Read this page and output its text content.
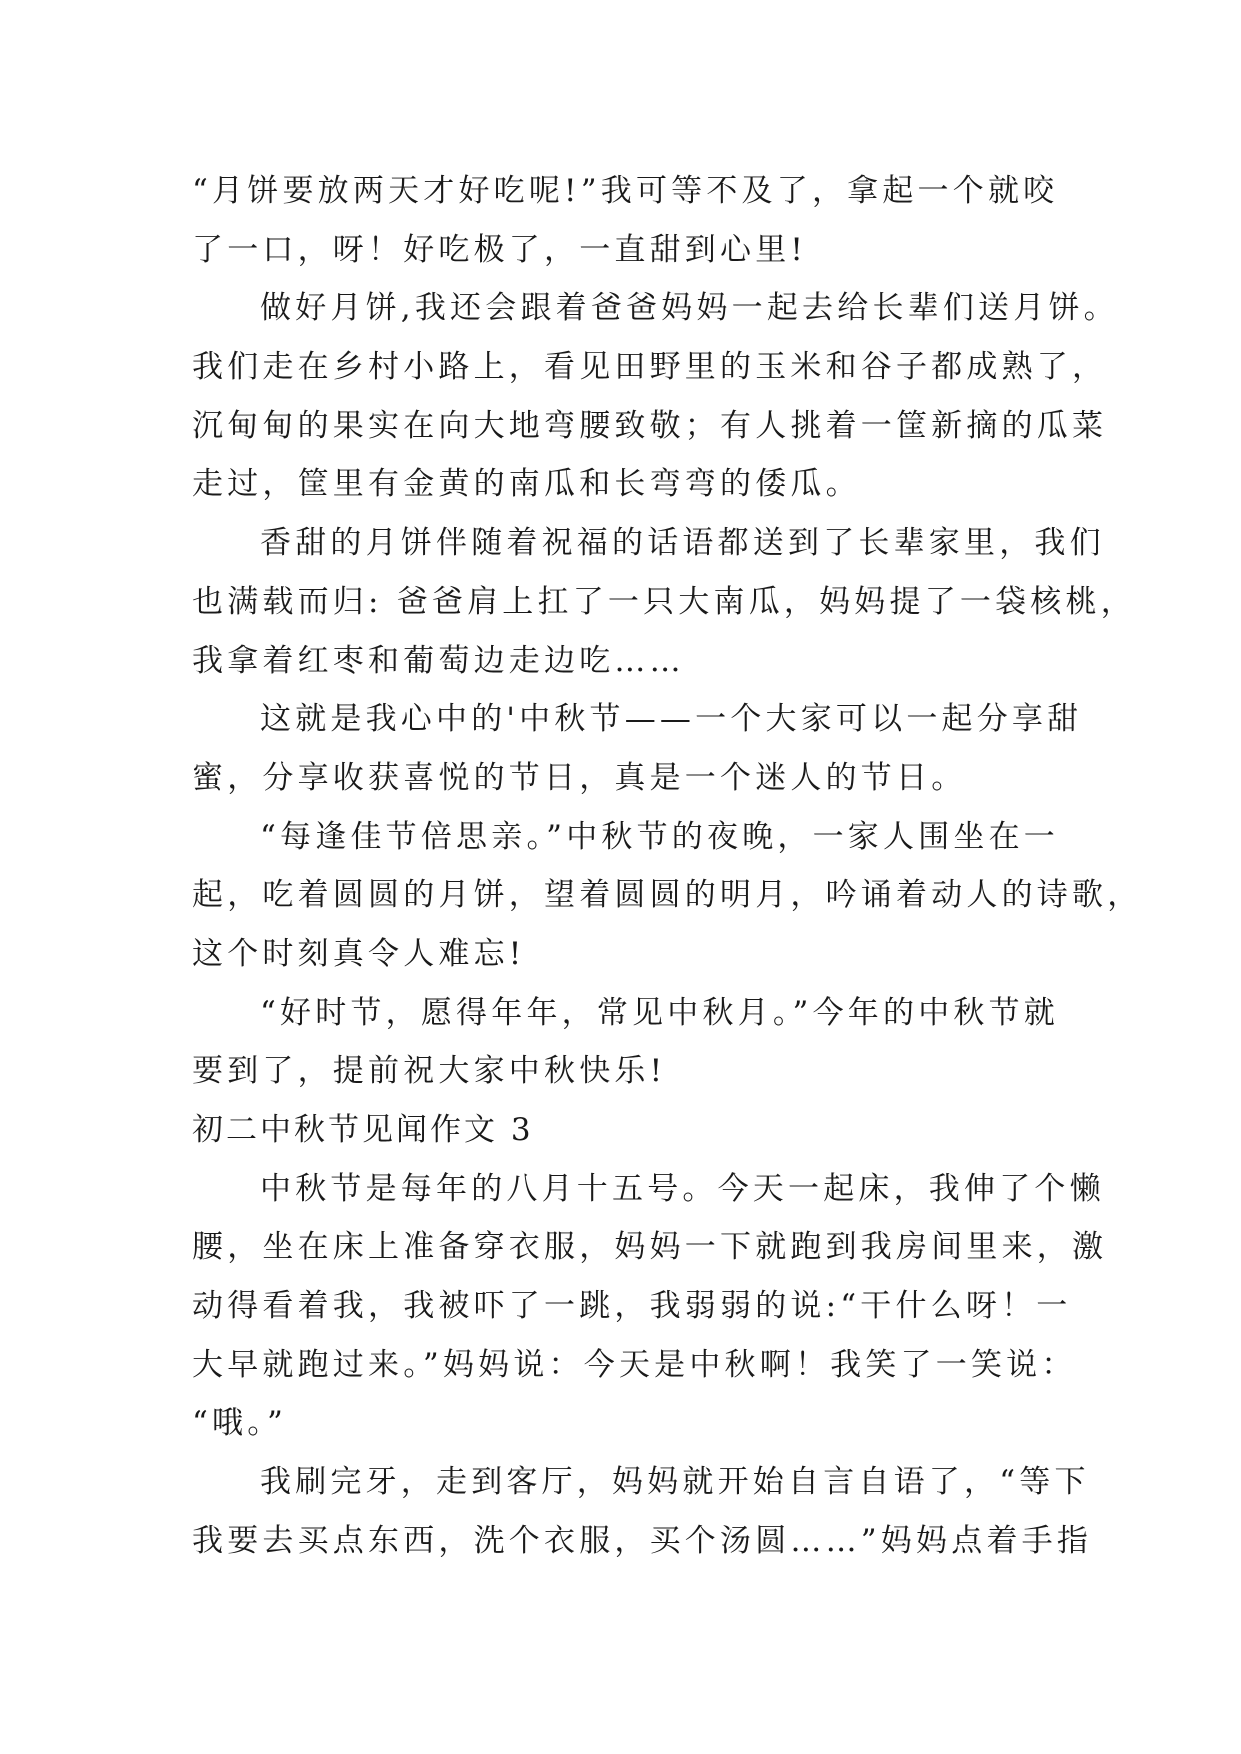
“月饼要放两天才好吃呢!”我可等不及了，拿起一个就咬
了一口，呀！好吃极了，一直甜到心里!
做好月饼,我还会跟着爸爸妈妈一起去给长辈们送月饼。
我们走在乡村小路上，看见田野里的玉米和谷子都成熟了，
沉甸甸的果实在向大地弯腰致敬；有人挑着一筐新摘的瓜菜
走过，筐里有金黄的南瓜和长弯弯的倭瓜。
香甜的月饼伴随着祝福的话语都送到了长辈家里，我们
也满载而归: 爸爸肩上扛了一只大南瓜，妈妈提了一袋核桃，
我拿着红枣和葡萄边走边吃……
这就是我心中的'中秋节——一个大家可以一起分享甜
蜜，分享收获喜悦的节日，真是一个迷人的节日。
“每逢佳节倍思亲。”中秋节的夜晚，一家人围坐在一
起，吃着圆圆的月饼，望着圆圆的明月，吟诵着动人的诗歌，
这个时刻真令人难忘!
“好时节，愿得年年，常见中秋月。”今年的中秋节就
要到了，提前祝大家中秋快乐!
初二中秋节见闻作文 3
中秋节是每年的八月十五号。今天一起床，我伸了个懒
腰，坐在床上准备穿衣服，妈妈一下就跑到我房间里来，激
动得看着我，我被吓了一跳，我弱弱的说:“干什么呀！一
大早就跑过来。”妈妈说：今天是中秋啊！我笑了一笑说：
“哦。”
我刷完牙，走到客厅，妈妈就开始自言自语了，“等下
我要去买点东西，洗个衣服，买个汤圆……”妈妈点着手指
